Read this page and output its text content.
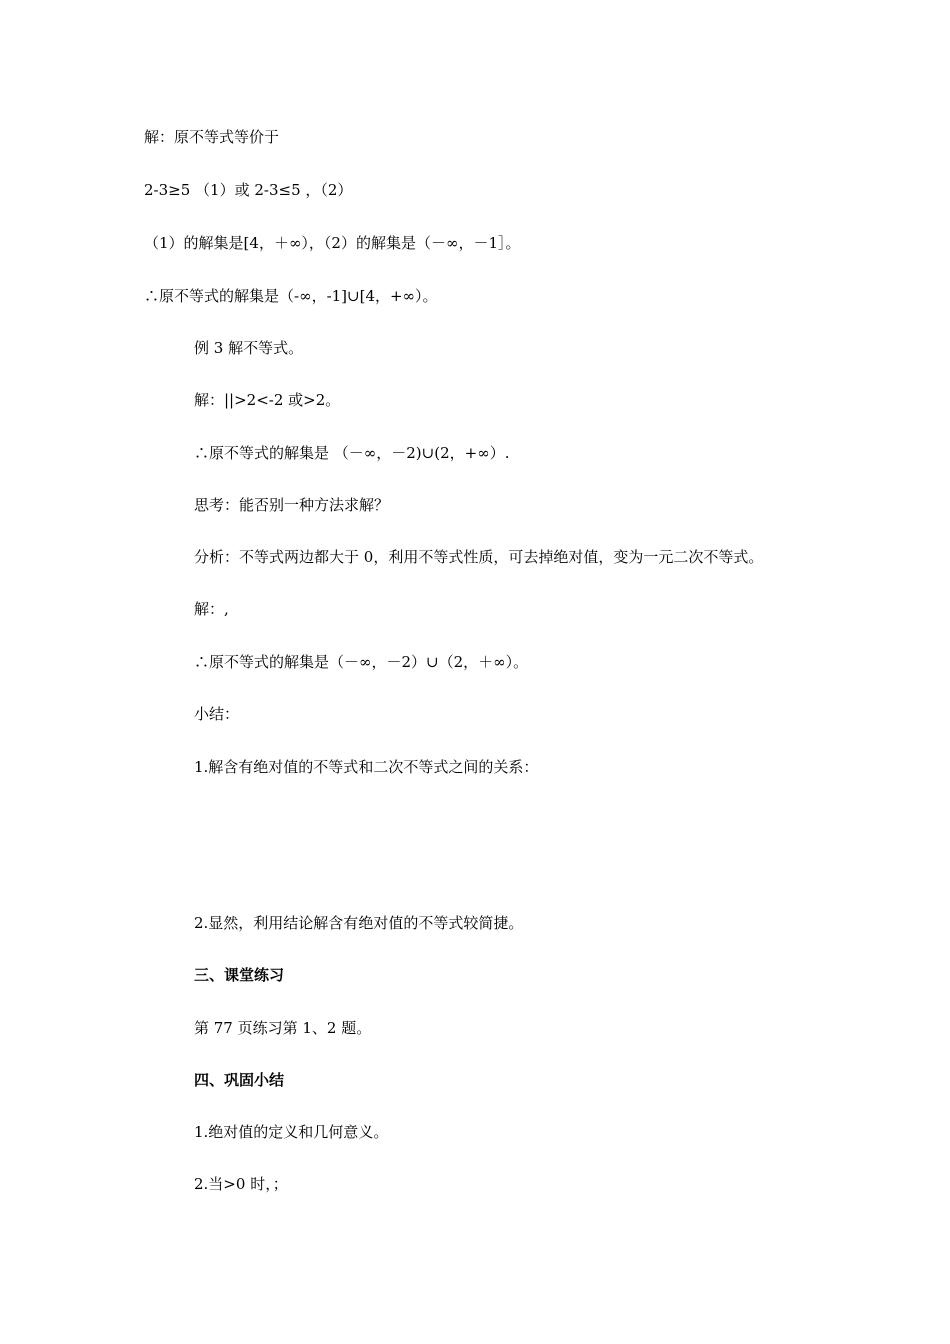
解：原不等式等价于
2-3≥5 （1）或 2-3≤5 ，（2）
（1）的解集是[4，＋∞），（2）的解集是（－∞，－1］。
∴原不等式的解集是（-∞，-1]∪[4，+∞）。
例 3 解不等式。
解：||>2<-2 或>2。
∴原不等式的解集是 （－∞，－2)∪(2，+∞）.
思考：能否别一种方法求解？
分析：不等式两边都大于 0，利用不等式性质，可去掉绝对值，变为一元二次不等式。
解：,
∴原不等式的解集是（－∞，－2）∪（2，＋∞）。
小结：
1.解含有绝对值的不等式和二次不等式之间的关系：
2.显然，利用结论解含有绝对值的不等式较简捷。
三、课堂练习
第 77 页练习第 1、2 题。
四、巩固小结
1.绝对值的定义和几何意义。
2.当>0 时，；
